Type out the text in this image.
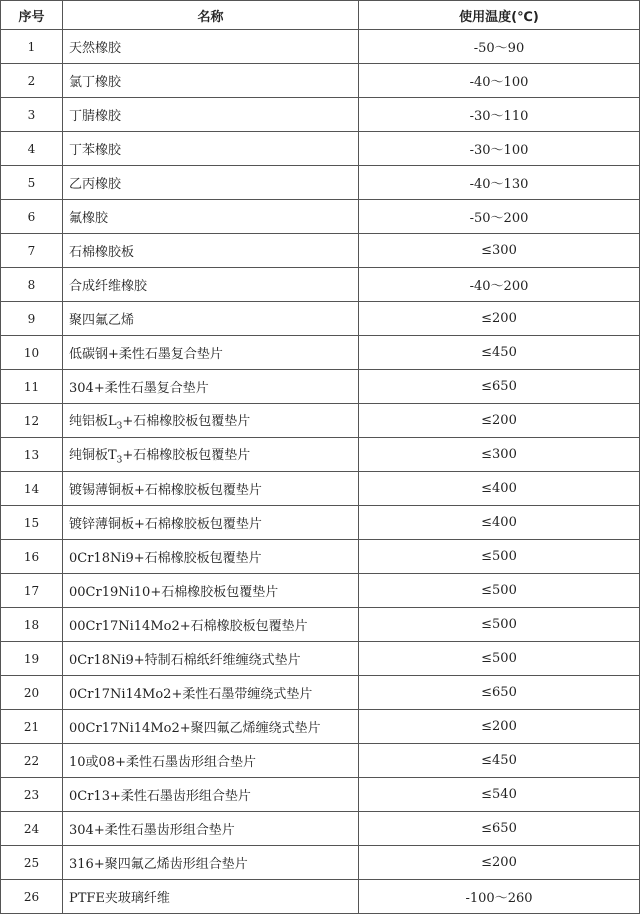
序号	名称	使用温度(℃)
1	天然橡胶	-50～90
2	氯丁橡胶	-40～100
3	丁腈橡胶	-30～110
4	丁苯橡胶	-30～100
5	乙丙橡胶	-40～130
6	氟橡胶	-50～200
7	石棉橡胶板	≤300
8	合成纤维橡胶	-40～200
9	聚四氟乙烯	≤200
10	低碳钢+柔性石墨复合垫片	≤450
11	304+柔性石墨复合垫片	≤650
12	纯铝板$L_3+$石棉橡胶板包覆垫片	≤200
13	纯铜板$T_3+$石棉橡胶板包覆垫片	≤300
14	镀锡薄铜板+石棉橡胶板包覆垫片	≤400
15	镀锌薄铜板+石棉橡胶板包覆垫片	≤400
16	0Cr18Ni9+石棉橡胶板包覆垫片	≤500
17	00Cr19Ni10+石棉橡胶板包覆垫片	≤500
18	00Cr17Ni14Mo2+石棉橡胶板包覆垫片	≤500
19	0Cr18Ni9+特制石棉纸纤维缠绕式垫片	≤500
20	0Cr17Ni14Mo2+柔性石墨带缠绕式垫片	≤650
21	00Cr17Ni14Mo2+聚四氟乙烯缠绕式垫片	≤200
22	10或08+柔性石墨齿形组合垫片	≤450
23	0Cr13+柔性石墨齿形组合垫片	≤540
24	304+柔性石墨齿形组合垫片	≤650
25	316+聚四氟乙烯齿形组合垫片	≤200
26	PTFE夹玻璃纤维	-100～260
